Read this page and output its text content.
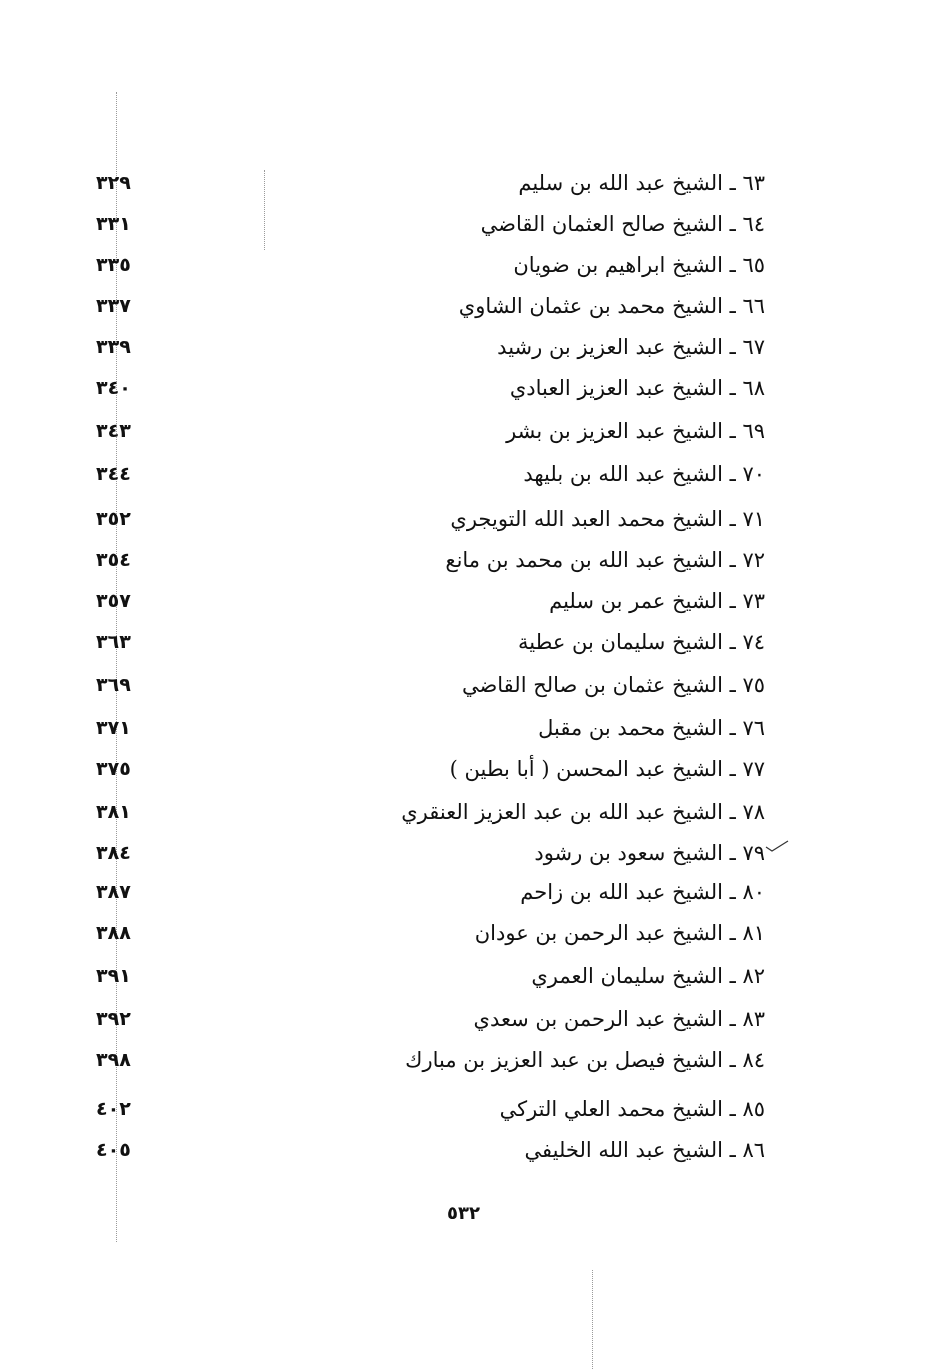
٦٣ ـ الشيخ عبد الله بن سليم
٣٢٩
٦٤ ـ الشيخ صالح العثمان القاضي
٣٣١
٦٥ ـ الشيخ ابراهيم بن ضويان
٣٣٥
٦٦ ـ الشيخ محمد بن عثمان الشاوي
٣٣٧
٦٧ ـ الشيخ عبد العزيز بن رشيد
٣٣٩
٦٨ ـ الشيخ عبد العزيز العبادي
٣٤٠
٦٩ ـ الشيخ عبد العزيز بن بشر
٣٤٣
٧٠ ـ الشيخ عبد الله بن بليهد
٣٤٤
٧١ ـ الشيخ محمد العبد الله التويجري
٣٥٢
٧٢ ـ الشيخ عبد الله بن محمد بن مانع
٣٥٤
٧٣ ـ الشيخ عمر بن سليم
٣٥٧
٧٤ ـ الشيخ سليمان بن عطية
٣٦٣
٧٥ ـ الشيخ عثمان بن صالح القاضي
٣٦٩
٧٦ ـ الشيخ محمد بن مقبل
٣٧١
٧٧ ـ الشيخ عبد المحسن ( أبا بطين )
٣٧٥
٧٨ ـ الشيخ عبد الله بن عبد العزيز العنقري
٣٨١
٧٩ ـ الشيخ سعود بن رشود
٣٨٤
٨٠ ـ الشيخ عبد الله بن زاحم
٣٨٧
٨١ ـ الشيخ عبد الرحمن بن عودان
٣٨٨
٨٢ ـ الشيخ سليمان العمري
٣٩١
٨٣ ـ الشيخ عبد الرحمن بن سعدي
٣٩٢
٨٤ ـ الشيخ فيصل بن عبد العزيز بن مبارك
٣٩٨
٨٥ ـ الشيخ محمد العلي التركي
٤٠٢
٨٦ ـ الشيخ عبد الله الخليفي
٤٠٥
٥٣٢
